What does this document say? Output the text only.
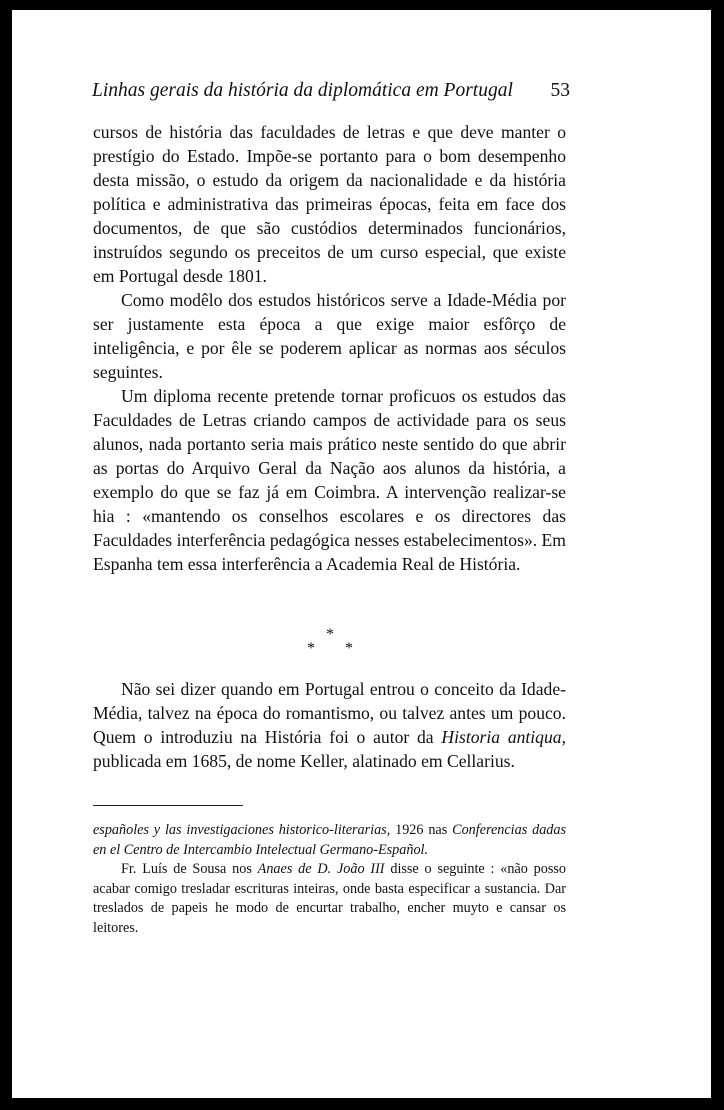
Linhas gerais da história da diplomática em Portugal 53

cursos de história das faculdades de letras e que deve manter o prestígio do Estado. Impõe-se portanto para o bom desempenho desta missão, o estudo da origem da nacionalidade e da história política e administrativa das primeiras épocas, feita em face dos documentos, de que são custódios determinados funcionários, instruídos segundo os preceitos de um curso especial, que existe em Portugal desde 1801.

Como modêlo dos estudos históricos serve a Idade-Média por ser justamente esta época a que exige maior esfôrço de inteligência, e por êle se poderem aplicar as normas aos séculos seguintes.

Um diploma recente pretende tornar proficuos os estudos das Faculdades de Letras criando campos de actividade para os seus alunos, nada portanto seria mais prático neste sentido do que abrir as portas do Arquivo Geral da Nação aos alunos da história, a exemplo do que se faz já em Coimbra. A intervenção realizar-se hia : «mantendo os conselhos escolares e os directores das Faculdades interferência pedagógica nesses estabelecimentos». Em Espanha tem essa interferência a Academia Real de História.

*
* *

Não sei dizer quando em Portugal entrou o conceito da Idade-Média, talvez na época do romantismo, ou talvez antes um pouco. Quem o introduziu na História foi o autor da Historia antiqua, publicada em 1685, de nome Keller, alatinado em Cellarius.

españoles y las investigaciones historico-literarias, 1926 nas Conferencias dadas en el Centro de Intercambio Intelectual Germano-Español.

Fr. Luís de Sousa nos Anaes de D. João III disse o seguinte : «não posso acabar comigo tresladar escrituras inteiras, onde basta especificar a sustancia. Dar treslados de papeis he modo de encurtar trabalho, encher muyto e cansar os leitores.
